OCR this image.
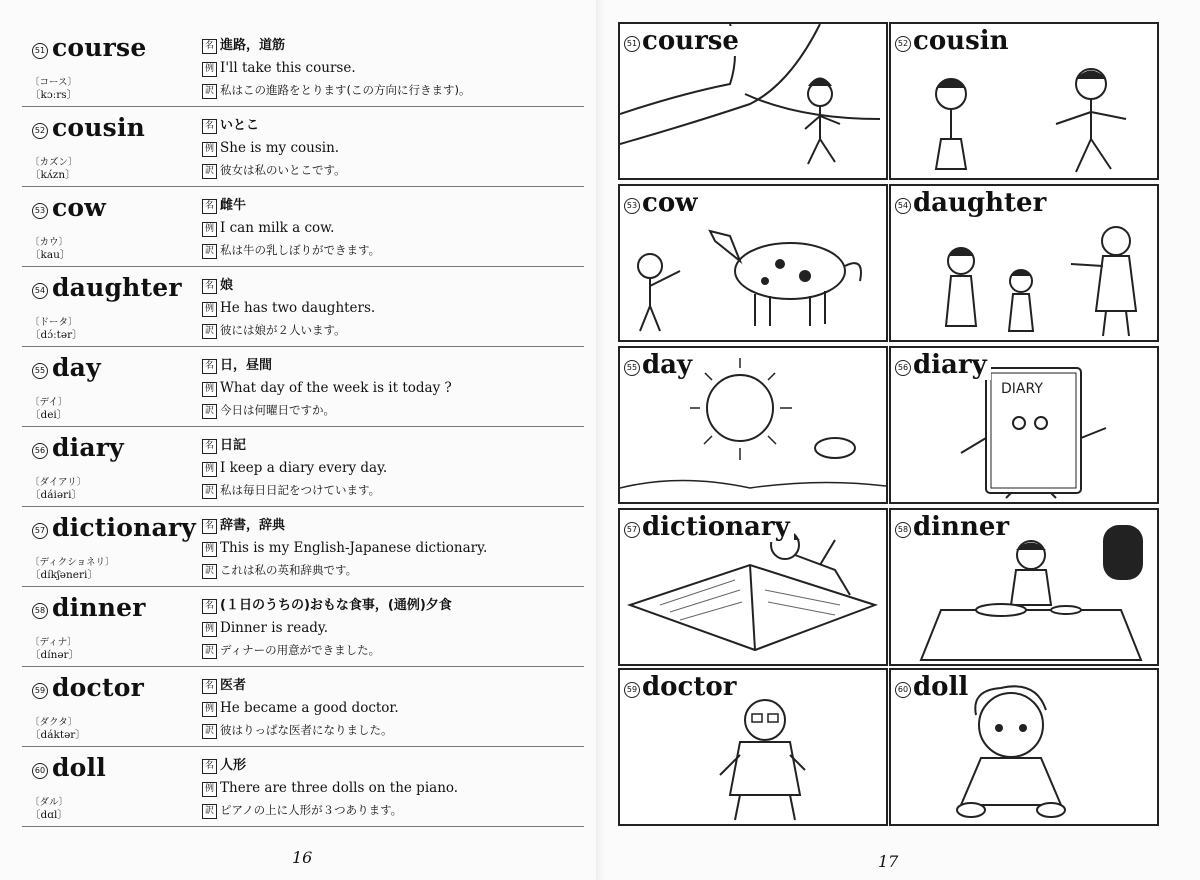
51 course
〔コース〕
〔kɔːrs〕
名 進路，道筋
例 I'll take this course.
訳 私はこの進路をとります(この方向に行きます)。
52 cousin
〔カズン〕
〔kʌ́zn〕
名 いとこ
例 She is my cousin.
訳 彼女は私のいとこです。
53 cow
〔カウ〕
〔kau〕
名 雌牛
例 I can milk a cow.
訳 私は牛の乳しぼりができます。
54 daughter
〔ドータ〕
〔dɔ́ːtər〕
名 娘
例 He has two daughters.
訳 彼には娘が２人います。
55 day
〔デイ〕
〔dei〕
名 日，昼間
例 What day of the week is it today ?
訳 今日は何曜日ですか。
56 diary
〔ダイアリ〕
〔dáiəri〕
名 日記
例 I keep a diary every day.
訳 私は毎日日記をつけています。
57 dictionary
〔ディクショネリ〕
〔díkʃəneri〕
名 辞書，辞典
例 This is my English-Japanese dictionary.
訳 これは私の英和辞典です。
58 dinner
〔ディナ〕
〔dínər〕
名 (１日のうちの)おもな食事，(通例)夕食
例 Dinner is ready.
訳 ディナーの用意ができました。
59 doctor
〔ダクタ〕
〔dáktər〕
名 医者
例 He became a good doctor.
訳 彼はりっぱな医者になりました。
60 doll
〔ダル〕
〔dɑl〕
名 人形
例 There are three dolls on the piano.
訳 ピアノの上に人形が３つあります。
16
51 course	52 cousin
53 cow	54 daughter
55 day
DIARY
56 diary
57 dictionary	58 dinner
59 doctor	60 doll
17
